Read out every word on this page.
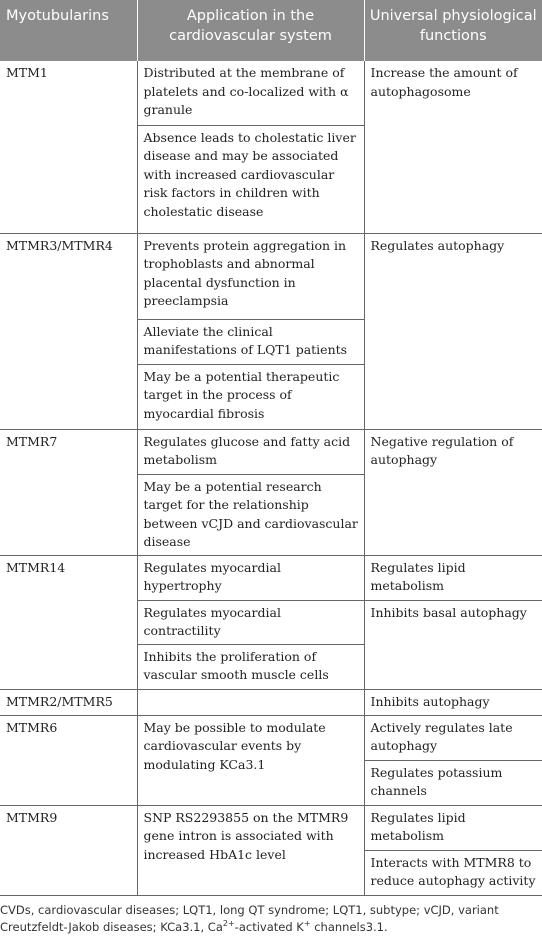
Myotubularins	Application in the cardiovascular system	Universal physiological functions
MTM1	Distributed at the membrane of platelets and co-localized with α granule	Increase the amount of autophagosome
	Absence leads to cholestatic liver disease and may be associated with increased cardiovascular risk factors in children with cholestatic disease	
MTMR3/MTMR4	Prevents protein aggregation in trophoblasts and abnormal placental dysfunction in preeclampsia	Regulates autophagy
	Alleviate the clinical manifestations of LQT1 patients	
	May be a potential therapeutic target in the process of myocardial fibrosis	
MTMR7	Regulates glucose and fatty acid metabolism	Negative regulation of autophagy
	May be a potential research target for the relationship between vCJD and cardiovascular disease	
MTMR14	Regulates myocardial hypertrophy	Regulates lipid metabolism
	Regulates myocardial contractility	Inhibits basal autophagy
	Inhibits the proliferation of vascular smooth muscle cells	
MTMR2/MTMR5		Inhibits autophagy
MTMR6	May be possible to modulate cardiovascular events by modulating KCa3.1	Actively regulates late autophagy
		Regulates potassium channels
MTMR9	SNP RS2293855 on the MTMR9 gene intron is associated with increased HbA1c level	Regulates lipid metabolism
		Interacts with MTMR8 to reduce autophagy activity

CVDs, cardiovascular diseases; LQT1, long QT syndrome; LQT1, subtype; vCJD, variant Creutzfeldt-Jakob diseases; KCa3.1, $Ca^{2+}$-activated K+ channels3.1.
